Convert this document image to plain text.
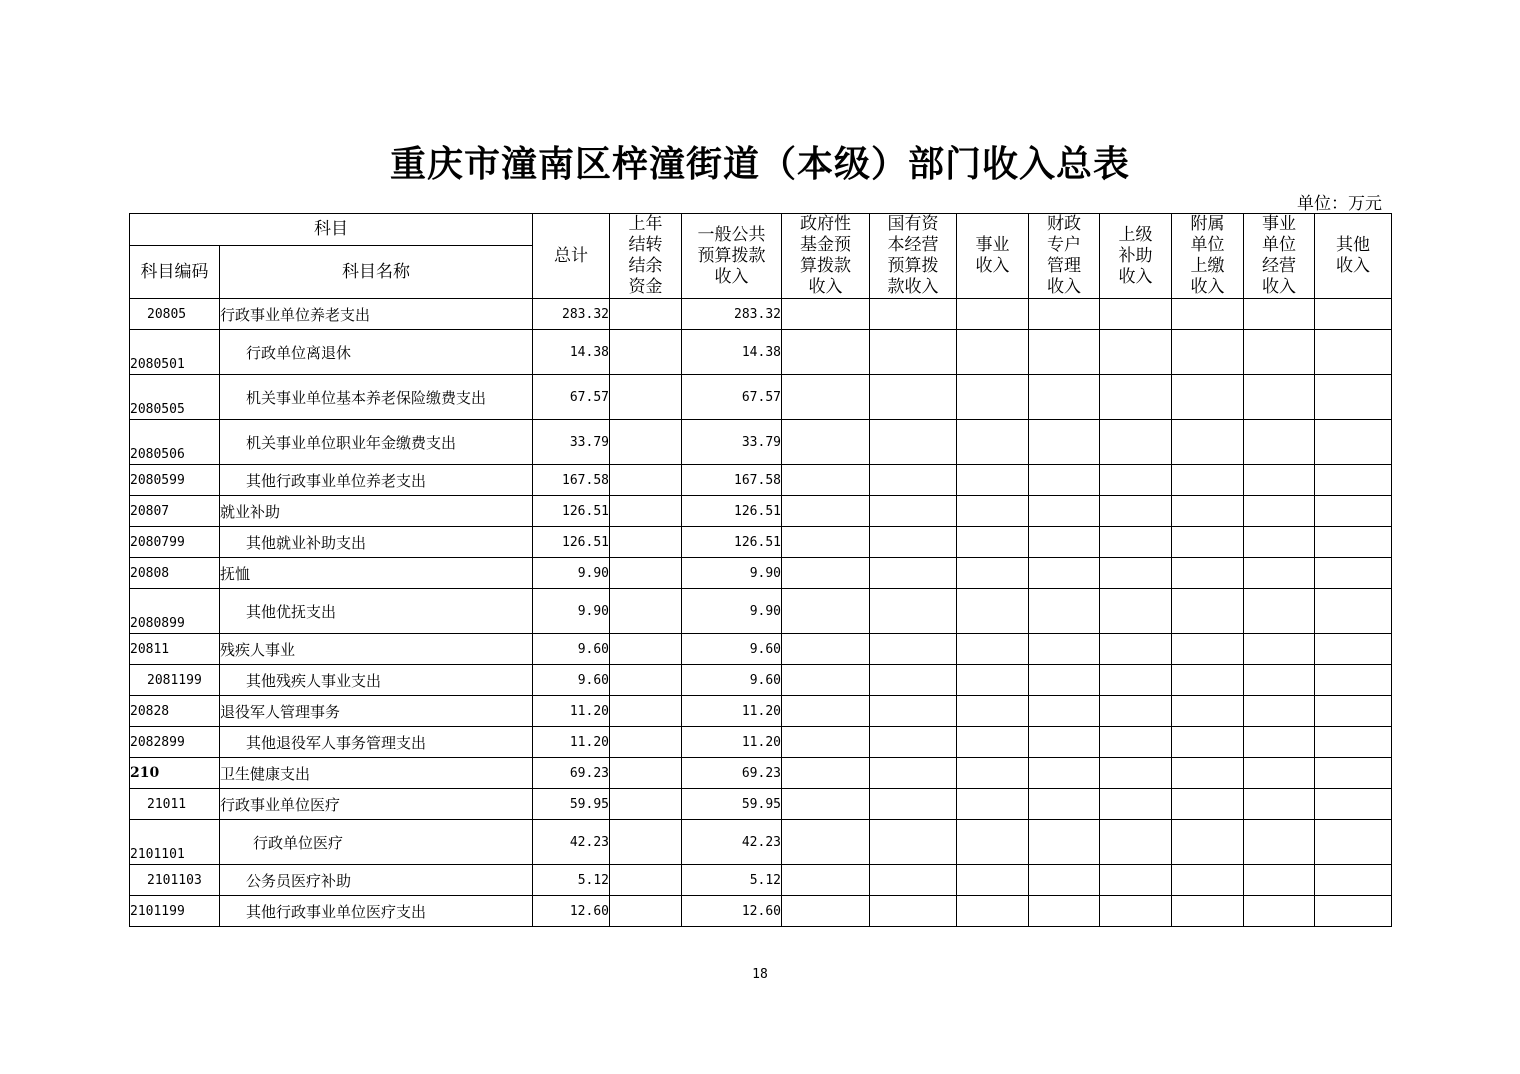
重庆市潼南区梓潼街道（本级）部门收入总表
单位：万元
科目		总计	上年
结转
结余
资金	一般公共
预算拨款
收入	政府性
基金预
算拨款
收入	国有资
本经营
预算拨
款收入	事业
收入	财政
专户
管理
收入	上级
补助
收入	附属
单位
上缴
收入	事业
单位
经营
收入	其他
收入
科目编码	科目名称											
20805	行政事业单位养老支出	283.32		283.32								
2080501	行政单位离退休	14.38		14.38								
2080505	机关事业单位基本养老保险缴费支出	67.57		67.57								
2080506	机关事业单位职业年金缴费支出	33.79		33.79								
2080599	其他行政事业单位养老支出	167.58		167.58								
20807	就业补助	126.51		126.51								
2080799	其他就业补助支出	126.51		126.51								
20808	抚恤	9.90		9.90								
2080899	其他优抚支出	9.90		9.90								
20811	残疾人事业	9.60		9.60								
2081199	其他残疾人事业支出	9.60		9.60								
20828	退役军人管理事务	11.20		11.20								
2082899	其他退役军人事务管理支出	11.20		11.20								
210	卫生健康支出	69.23		69.23								
21011	行政事业单位医疗	59.95		59.95								
2101101	行政单位医疗	42.23		42.23								
2101103	公务员医疗补助	5.12		5.12								
2101199	其他行政事业单位医疗支出	12.60		12.60								
18
